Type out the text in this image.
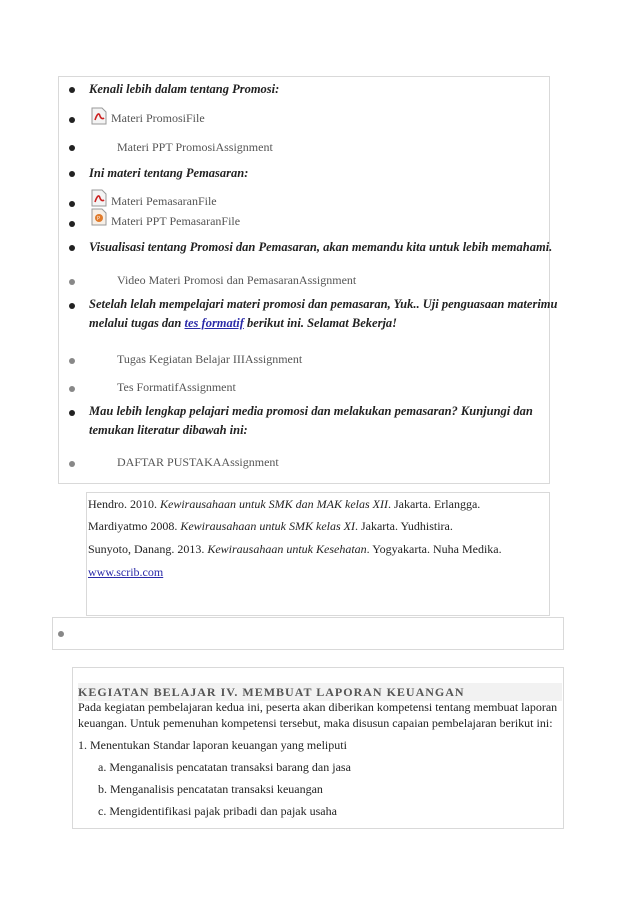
Kenali lebih dalam tentang Promosi:
Materi PromosiFile
Materi PPT PromosiAssignment
Ini materi tentang Pemasaran:
Materi PemasaranFile
P Materi PPT PemasaranFile
Visualisasi tentang Promosi dan Pemasaran, akan memandu kita untuk lebih memahami.
Video Materi Promosi dan PemasaranAssignment
Setelah lelah mempelajari materi promosi dan pemasaran, Yuk.. Uji penguasaan materimu
melalui tugas dan tes formatif berikut ini. Selamat Bekerja!
Tugas Kegiatan Belajar IIIAssignment
Tes FormatifAssignment
Mau lebih lengkap pelajari media promosi dan melakukan pemasaran? Kunjungi dan
temukan literatur dibawah ini:
DAFTAR PUSTAKAAssignment
Hendro. 2010. Kewirausahaan untuk SMK dan MAK kelas XII. Jakarta. Erlangga.
Mardiyatmo 2008. Kewirausahaan untuk SMK kelas XI. Jakarta. Yudhistira.
Sunyoto, Danang. 2013. Kewirausahaan untuk Kesehatan. Yogyakarta. Nuha Medika.
www.scrib.com
KEGIATAN BELAJAR IV. MEMBUAT LAPORAN KEUANGAN
Pada kegiatan pembelajaran kedua ini, peserta akan diberikan kompetensi tentang membuat laporan
keuangan. Untuk pemenuhan kompetensi tersebut, maka disusun capaian pembelajaran berikut ini:
1. Menentukan Standar laporan keuangan yang meliputi
a. Menganalisis pencatatan transaksi barang dan jasa
b. Menganalisis pencatatan transaksi keuangan
c. Mengidentifikasi pajak pribadi dan pajak usaha
